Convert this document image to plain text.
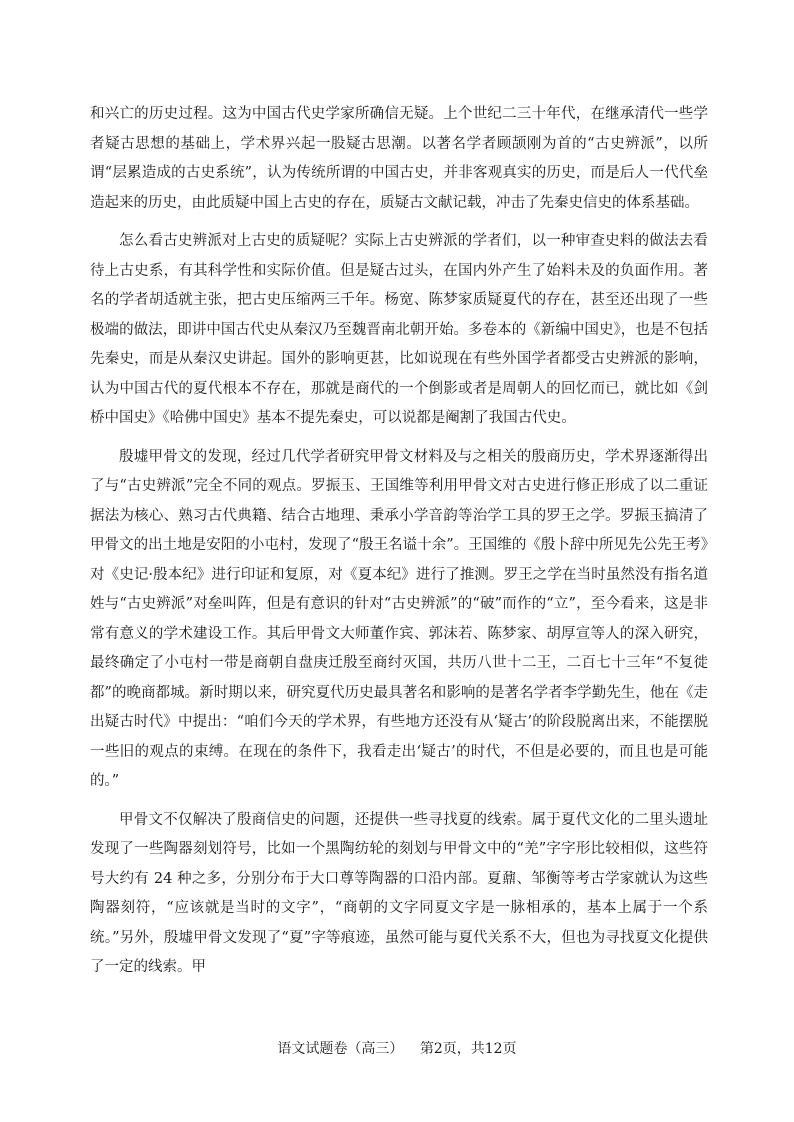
和兴亡的历史过程。这为中国古代史学家所确信无疑。上个世纪二三十年代，在继承清代一些学者疑古思想的基础上，学术界兴起一股疑古思潮。以著名学者顾颉刚为首的“古史辨派”，以所谓“层累造成的古史系统”，认为传统所谓的中国古史，并非客观真实的历史，而是后人一代代垒造起来的历史，由此质疑中国上古史的存在，质疑古文献记载，冲击了先秦史信史的体系基础。

怎么看古史辨派对上古史的质疑呢？实际上古史辨派的学者们，以一种审查史料的做法去看待上古史系，有其科学性和实际价值。但是疑古过头，在国内外产生了始料未及的负面作用。著名的学者胡适就主张，把古史压缩两三千年。杨宽、陈梦家质疑夏代的存在，甚至还出现了一些极端的做法，即讲中国古代史从秦汉乃至魏晋南北朝开始。多卷本的《新编中国史》，也是不包括先秦史，而是从秦汉史讲起。国外的影响更甚，比如说现在有些外国学者都受古史辨派的影响，认为中国古代的夏代根本不存在，那就是商代的一个倒影或者是周朝人的回忆而已，就比如《剑桥中国史》《哈佛中国史》基本不提先秦史，可以说都是阉割了我国古代史。

殷墟甲骨文的发现，经过几代学者研究甲骨文材料及与之相关的殷商历史，学术界逐渐得出了与“古史辨派”完全不同的观点。罗振玉、王国维等利用甲骨文对古史进行修正形成了以二重证据法为核心、熟习古代典籍、结合古地理、秉承小学音韵等治学工具的罗王之学。罗振玉搞清了甲骨文的出土地是安阳的小屯村，发现了“殷王名谥十余”。王国维的《殷卜辞中所见先公先王考》对《史记·殷本纪》进行印证和复原，对《夏本纪》进行了推测。罗王之学在当时虽然没有指名道姓与“古史辨派”对垒叫阵，但是有意识的针对“古史辨派”的“破”而作的“立”，至今看来，这是非常有意义的学术建设工作。其后甲骨文大师董作宾、郭沫若、陈梦家、胡厚宣等人的深入研究，最终确定了小屯村一带是商朝自盘庚迁殷至商纣灭国，共历八世十二王，二百七十三年“不复徙都”的晚商都城。新时期以来，研究夏代历史最具著名和影响的是著名学者李学勤先生，他在《走出疑古时代》中提出：“咱们今天的学术界，有些地方还没有从‘疑古’的阶段脱离出来，不能摆脱一些旧的观点的束缚。在现在的条件下，我看走出‘疑古’的时代，不但是必要的，而且也是可能的。”

甲骨文不仅解决了殷商信史的问题，还提供一些寻找夏的线索。属于夏代文化的二里头遗址发现了一些陶器刻划符号，比如一个黑陶纺轮的刻划与甲骨文中的“羌”字字形比较相似，这些符号大约有 24 种之多，分别分布于大口尊等陶器的口沿内部。夏鼐、邹衡等考古学家就认为这些陶器刻符，“应该就是当时的文字”，“商朝的文字同夏文字是一脉相承的，基本上属于一个系统。”另外，殷墟甲骨文发现了“夏”字等痕迹，虽然可能与夏代关系不大，但也为寻找夏文化提供了一定的线索。甲

语文试题卷（高三） 第2页，共12页
